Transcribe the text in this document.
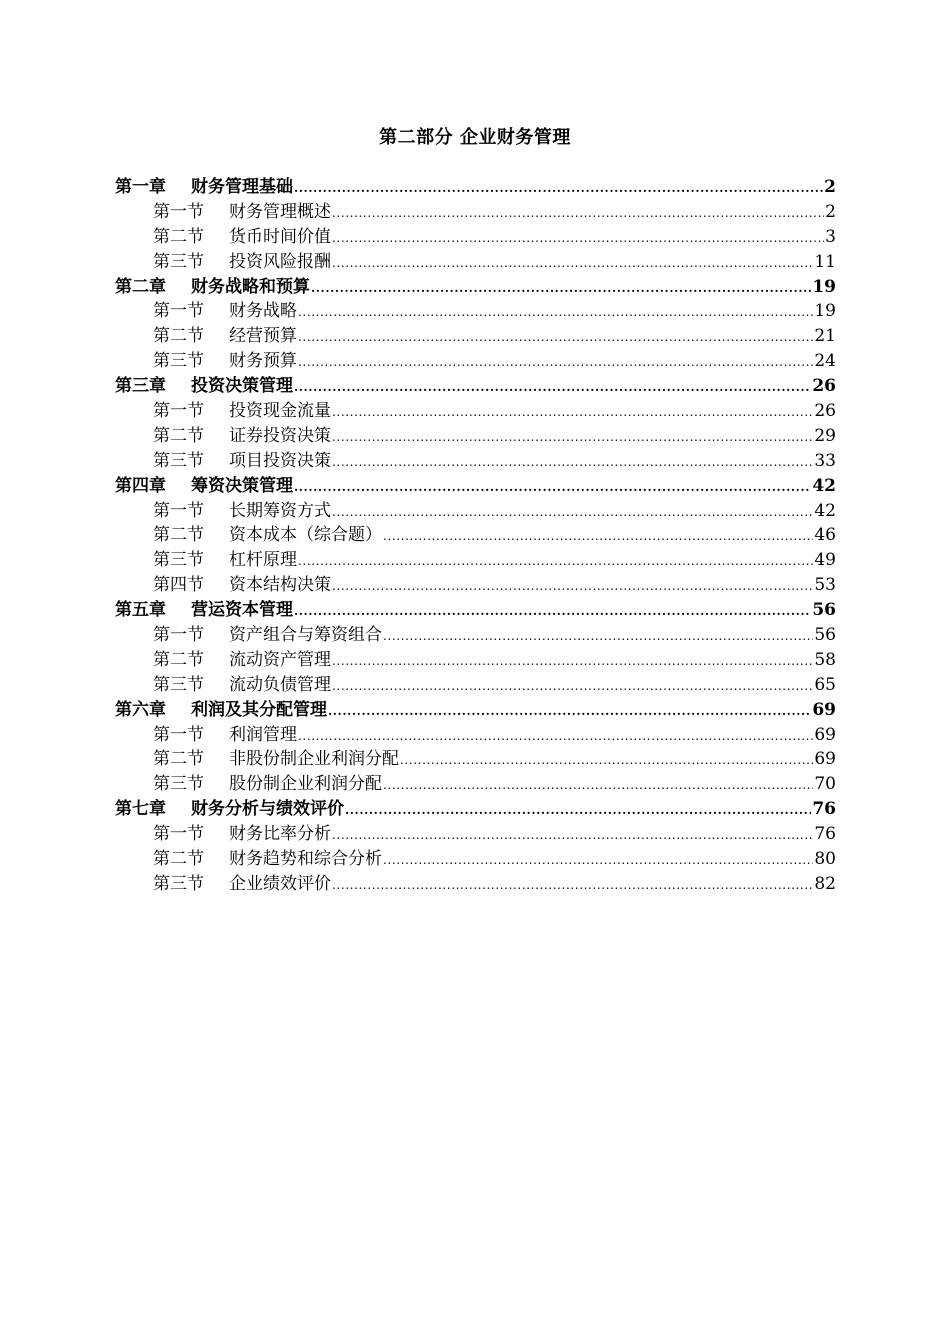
第二部分 企业财务管理
第一章	财务管理基础 .....	2
第一节	财务管理概述 .....	2
第二节	货币时间价值 .....	3
第三节	投资风险报酬 .....	11
第二章	财务战略和预算 .....	19
第一节	财务战略 .....	19
第二节	经营预算 .....	21
第三节	财务预算 .....	24
第三章	投资决策管理 .....	26
第一节	投资现金流量 .....	26
第二节	证券投资决策 .....	29
第三节	项目投资决策 .....	33
第四章	筹资决策管理 .....	42
第一节	长期筹资方式 .....	42
第二节	资本成本（综合题） .....	46
第三节	杠杆原理 .....	49
第四节	资本结构决策 .....	53
第五章	营运资本管理 .....	56
第一节	资产组合与筹资组合 .....	56
第二节	流动资产管理 .....	58
第三节	流动负债管理 .....	65
第六章	利润及其分配管理 .....	69
第一节	利润管理 .....	69
第二节	非股份制企业利润分配 .....	69
第三节	股份制企业利润分配 .....	70
第七章	财务分析与绩效评价 .....	76
第一节	财务比率分析 .....	76
第二节	财务趋势和综合分析 .....	80
第三节	企业绩效评价 .....	82
